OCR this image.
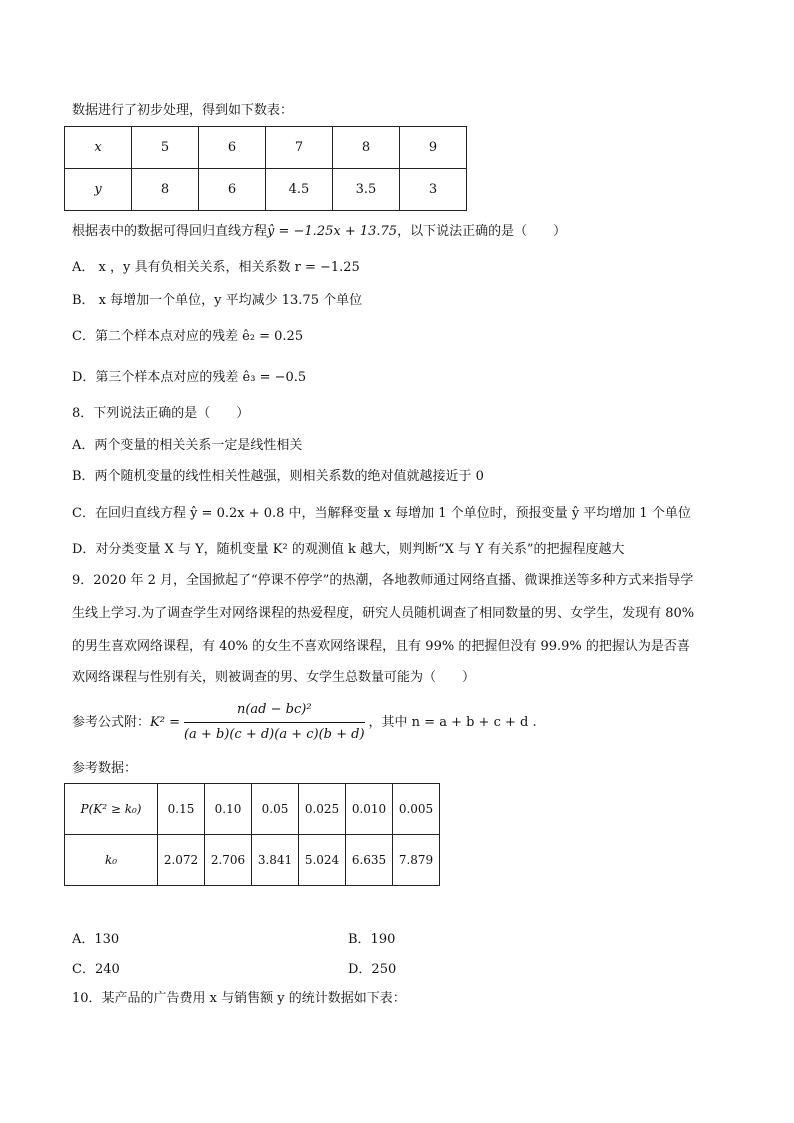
数据进行了初步处理，得到如下数表：
x	5	6	7	8	9
y	8	6	4.5	3.5	3
根据表中的数据可得回归直线方程ŷ = −1.25x + 13.75，以下说法正确的是（　　）
A． x ，y 具有负相关关系，相关系数 r = −1.25
B． x 每增加一个单位，y 平均减少 13.75 个单位
C．第二个样本点对应的残差 ê₂ = 0.25
D．第三个样本点对应的残差 ê₃ = −0.5
8．下列说法正确的是（　　）
A．两个变量的相关关系一定是线性相关
B．两个随机变量的线性相关性越强，则相关系数的绝对值就越接近于 0
C．在回归直线方程 ŷ = 0.2x + 0.8 中，当解释变量 x 每增加 1 个单位时，预报变量 ŷ 平均增加 1 个单位
D．对分类变量 X 与 Y，随机变量 K² 的观测值 k 越大，则判断“X 与 Y 有关系”的把握程度越大
9．2020 年 2 月，全国掀起了“停课不停学”的热潮，各地教师通过网络直播、微课推送等多种方式来指导学
生线上学习.为了调查学生对网络课程的热爱程度，研究人员随机调查了相同数量的男、女学生，发现有 80%
的男生喜欢网络课程，有 40% 的女生不喜欢网络课程，且有 99% 的把握但没有 99.9% 的把握认为是否喜
欢网络课程与性别有关，则被调查的男、女学生总数量可能为（　　）
参考公式附：$K^2 = \frac{\text{n(ad − bc)²}}{(a + b)(c + d)(a + c)(b + d)}$ ，其中 n = a + b + c + d .
参考数据：
P(K² ≥ k₀)	0.15	0.10	0.05	0.025	0.010	0.005
k₀	2.072	2.706	3.841	5.024	6.635	7.879
A．130	B．190
C．240	D．250
10．某产品的广告费用 x 与销售额 y 的统计数据如下表：
